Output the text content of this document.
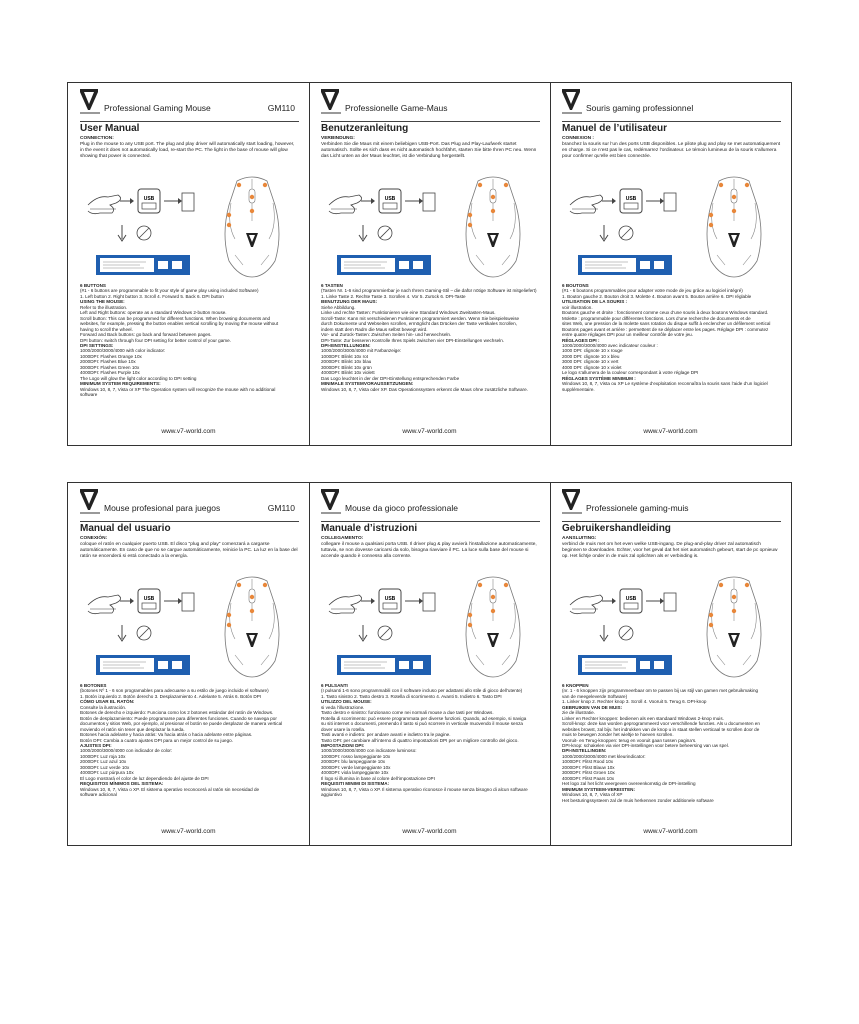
Professional Gaming Mouse	GM110
User Manual

CONNECTION:

Plug in the mouse to any USB port. The plug and play driver will automatically start loading, however, in the event it does not automatically load, re-start the PC. The light in the base of mouse will glow showing that power is connected.

USB

6 BUTTONS

(#1 - 6 buttons are programmable to fit your style of game play using included Software)

1. Left button 2. Right button 3. Scroll 4. Forward 5. Back 6. DPI button

USING THE MOUSE:

Refer to the illustration.

Left and Right buttons: operate as a standard Windows 2-button mouse.

Scroll button: This can be programmed for different functions. When browsing documents and

websites, for example, pressing the button enables vertical scrolling by moving the mouse without

having to scroll the wheel.

Forward and Back buttons: go back and forward between pages.

DPI button: switch through four DPI setting for better control of your game.

DPI SETTINGS:

1000/2000/3000/4000 with color indicator:

1000DPI: Flashes Orange 10x

2000DPI: Flashes Blue 10x

3000DPI: Flashes Green 10x

4000DPI: Flashes Purple 10x

The Logo will glow the light color according to DPI setting

MINIMUM SYSTEM REQUIREMENTS:

Windows 10, 8, 7, Vista or XP The Operation system will recognize the mouse with no additional

software

www.v7-world.com
Professionelle Game-Maus
Benutzeranleitung

VERBINDUNG:

Verbinden Sie die Maus mit einem beliebigen USB-Port. Das Plug and Play-Laufwerk startet automatisch. Sollte es sich dass es nicht automatisch hochfährt, starten Sie bitte Ihren PC neu. Wenn das Licht unten an der Maus leuchtet, ist die Verbindung hergestellt.

USB

6 TASTEN

(Tasten Nr. 1-6 sind programmierbar je nach Ihrem Gaming-Stil – die dafür nötige Software ist mitgeliefert)

1. Linke Taste 2. Rechte Taste 3. Scrollen 4. Vor 5. Zurück 6. DPI-Taste

BENUTZUNG DER MAUS:

Siehe Abbildung.

Linke und rechte Tasten: Funktionieren wie eine Standard Windows Zweitasten-Maus.

Scroll-Taste: Kann mit verschiedenen Funktionen programmiert werden. Wenn Sie beispielsweise

durch Dokumente und Webseiten scrollen, ermöglicht das Drücken der Taste vertikales Scrollen,

indem statt dem Radm die Maus selbst bewegt wird.

Vor- und Zurück-Tasten: Zwischen Seiten hin- und herwechseln.

DPI-Taste: Zur besseren Kontrolle Ihres Spiels zwischen vier DPI-Einstellungen wechseln.

DPI-EINSTELLUNGEN:

1000/2000/3000/4000 mit Farbanzeige:

1000DPI: Blinkt 10x rot

2000DPI: Blinkt 10x blau

3000DPI: Blinkt 10x grün

4000DPI: Blinkt 10x violett

Das Logo leuchtet in der der DPI-Einstellung entsprechenden Farbe

MINIMALE SYSTEMVORAUSSETZUNGEN:

Windows 10, 8, 7, Vista oder XP. Das Operationssystem erkennt die Maus ohne zusätzliche Software.

www.v7-world.com
Souris gaming professionnel
Manuel de l’utilisateur

CONNEXION :

branchez la souris sur l’un des ports USB disponibles. Le pilote plug and play se met automatiquement en charge. Si ce n’est pas le cas, redémarrez l’ordinateur. Le témoin lumineux de la souris s’allumera pour confirmer qu’elle est bien connectée.

USB

6 BOUTONS

(#1 - 6 boutons programmables pour adapter votre mode de jeu grâce au logiciel intégré)

1. Bouton gauche 2. Bouton droit 3. Molette 4. Bouton avant 5. Bouton arrière 6. DPI réglable

UTILISATION DE LA SOURIS :

voir illustration.

Boutons gauche et droite : fonctionnent comme ceux d’une souris à deux boutons Windows standard.

Molette : programmable pour différentes fonctions. Lors d’une recherche de documents et de

sites Web, une pression de la molette sans rotation du disque suffit à enclencher un défilement vertical

Boutons pages avant et arrière : permettent de se déplacer entre les pages. Réglage DPI : commutez

entre quatre réglages DPI pour un meilleur contrôle de votre jeu.

RÉGLAGES DPI :

1000/2000/3000/4000 avec indicateur couleur :

1000 DPI: clignote 10 x rouge

2000 DPI: clignote 10 x bleu

3000 DPI: clignote 10 x vert

4000 DPI: clignote 10 x violet

Le logo s’allumera de la couleur correspondant à votre réglage DPI

RÉGLAGES SYSTÈME MINIMUM :

Windows 10, 8, 7, Vista ou XP Le système d’exploitation reconnaîtra la souris sans l’aide d’un logiciel

supplémentaire.

www.v7-world.com
Mouse profesional para juegos	GM110
Manual del usuario

CONEXIÓN:

coloque el ratón en cualquier puerto USB. El disco "plug and play" comenzará a cargarse automáticamente. En caso de que no se cargue automáticamente, reinicie la PC. La luz en la base del ratón se encenderá si está conectado a la energía.

USB

6 BOTONES

(botones Nº 1 - 6 son programables para adecuarse a su estilo de juego incluido el software)

1. Botón izquierdo 2. Botón derecho 3. Desplazamiento 4. Adelante 5. Atrás 6. Botón DPI

CÓMO USAR EL RATÓN:

Consulte la ilustración.

Botones de derecho e izquierdo: Funciona como los 2 botones estándar del ratón de Windows.

Botón de desplazamiento: Puede programarse para diferentes funciones. Cuando se navega por

documentos y sitios Web, por ejemplo, al presionar el botón se puede desplazar de manera vertical

moviendo el ratón sin tener que desplazar la rueda.

Botones hacia adelante y hacia atrás: Va hacia atrás o hacia adelante entre páginas.

Botón DPI: Cambia a cuatro ajustes DPI para un mejor control de su juego.

AJUSTES DPI:

1000/2000/3000/4000 con indicador de color:

1000DPI: Luz roja 10x

2000DPI: Luz azul 10x

3000DPI: Luz verde 10x

4000DPI: Luz púrpura 10x

El Logo mostrará el color de luz dependiendo del ajuste de DPI

REQUISITOS MÍNIMOS DEL SISTEMA:

Windows 10, 8, 7, Vista o XP. El sistema operativo reconocerá al ratón sin necesidad de

software adicional

www.v7-world.com
Mouse da gioco professionale
Manuale d’istruzioni

COLLEGAMENTO:

collegare il mouse a qualsiasi porta USB. Il driver plug & play avvierà l’installazione automaticamente, tuttavia, se non dovesse caricarsi da solo, bisogna riavviare il PC. La luce sulla base del mouse si accende quando è connesso alla corrente.

USB

6 PULSANTI

(I pulsanti 1-6 sono programmabili con il software incluso per adattarsi allo stile di gioco dell’utente)

1. Tasto sinistro 2. Tasto destro 3. Rotella di scorrimento 4. Avanti 5. Indietro 6. Tasto DPI

UTILIZZO DEL MOUSE:

si veda l’illustrazione.

Tasto destro e sinistro: funzionano come nei normali mouse a due tasti per Windows.

Rotella di scorrimento: può essere programmata per diverse funzioni. Quando, ad esempio, si naviga

su siti internet o documenti, premendo il tasto si può scorrere in verticale muovendo il mouse senza

dover usare la rotella.

Tasti avanti e indietro: per andare avanti e indietro tra le pagine.

Tasto DPI: per cambiare all’interno di quattro impostazioni DPI per un migliore controllo del gioco.

IMPOSTAZIONI DPI:

1000/2000/3000/4000 con indicatore luminoso:

1000DPI: rosso lampeggiante 10x

2000DPI: blu lampeggiante 10x

3000DPI: verde lampeggiante 10x

4000DPI: viola lampeggiante 10x

Il logo si illumina in base al colore dell’impostazione DPI

REQUISITI MINIMI DI SISTEMA:

Windows 10, 8, 7, Vista o XP. Il sistema operativo riconosce il mouse senza bisogno di alcun software

aggiuntivo

www.v7-world.com
Professionele gaming-muis
Gebruikershandleiding

AANSLUITING:

verbind de muis met om het even welke USB-ingang. De plug-and-play driver zal automatisch beginnen te downloaden. Echter, voor het geval dat het niet automatisch gebeurt, start de pc opnieuw op. Het lichtje onder in de muis zal oplichten als er verbinding is.

USB

6 KNOPPEN

(nr. 1 - 6 knoppen zijn programmeerbaar om te passen bij uw stijl van gamen met gebruikmaking

van de meegeleverde Software)

1. Linker knop 2. Rechter knop 3. Scroll 4. Vooruit 5. Terug 6. DPI-knop

GEBRUIKEN VAN DE MUIS:

zie de illustratie.

Linker en Rechter knoppen: bedienen als een standaard Windows 2-knop muis.

Scroll-knop: deze kan worden geprogrammeerd voor verschillende functies. Als u documenten en

websites browst, zal bijv. het indrukken van de knop u in staat stellen verticaal te scrollen door de

muis te bewegen zonder het wieltje te hoeven scrollen.

Vooruit- en Terug-knoppen: terug en vooruit gaan tussen pagina’s.

DPI-knop: schakelen via vier DPI-instellingen voor betere beheersing van uw spel.

DPI-INSTELLINGEN:

1000/2000/3000/4000 met kleurindicator:

1000DPI: Flitst Rood 10x

2000DPI: Flitst Blauw 10x

3000DPI: Flitst Groen 10x

4000DPI: Flitst Paars 10x

Het logo zal het licht weergeven overeenkomstig de DPI-instelling

MINIMUM SYSTEEM-VEREISTEN:

Windows 10, 8, 7, Vista of XP

Het besturingssysteem zal de muis herkennen zonder additionele software

www.v7-world.com
